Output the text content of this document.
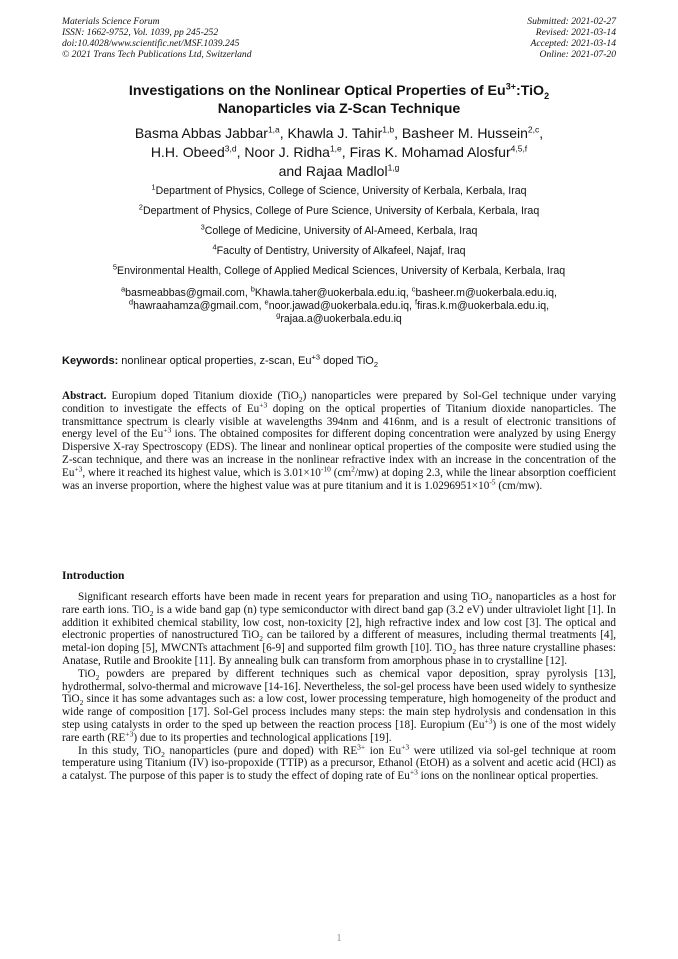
Materials Science Forum
ISSN: 1662-9752, Vol. 1039, pp 245-252
doi:10.4028/www.scientific.net/MSF.1039.245
© 2021 Trans Tech Publications Ltd, Switzerland
Submitted: 2021-02-27
Revised: 2021-03-14
Accepted: 2021-03-14
Online: 2021-07-20
Investigations on the Nonlinear Optical Properties of $Eu^{3+}:TiO_2$
Nanoparticles via Z-Scan Technique
Basma Abbas Jabbar$^{1,a}$, Khawla J. Tahir$^{1,b}$, Basheer M. Hussein$^{2,c}$,
H.H. Obeed$^{3,d}$, Noor J. Ridha$^{1,e}$, Firas K. Mohamad Alosfur$^{4,5,f}$
and Rajaa Madlol$^{1,g}$
$^1$Department of Physics, College of Science, University of Kerbala, Kerbala, Iraq
$^2$Department of Physics, College of Pure Science, University of Kerbala, Kerbala, Iraq
$^3$College of Medicine, University of Al-Ameed, Kerbala, Iraq
$^4$Faculty of Dentistry, University of Alkafeel, Najaf, Iraq
$^5$Environmental Health, College of Applied Medical Sciences, University of Kerbala, Kerbala, Iraq
$^a$basmeabbas@gmail.com, $^b$Khawla.taher@uokerbala.edu.iq, $^c$basheer.m@uokerbala.edu.iq,
$^d$hawraahamza@gmail.com, $^e$noor.jawad@uokerbala.edu.iq, $^f$firas.k.m@uokerbala.edu.iq,
$^g$rajaa.a@uokerbala.edu.iq
Keywords: nonlinear optical properties, z-scan, $Eu^{+3}$ doped TiO$_2$
Abstract. Europium doped Titanium dioxide (TiO$_2$) nanoparticles were prepared by Sol-Gel technique under varying condition to investigate the effects of $Eu^{+3}$ doping on the optical properties of Titanium dioxide nanoparticles. The transmittance spectrum is clearly visible at wavelengths 394nm and 416nm, and is a result of electronic transitions of energy level of the $Eu^{+3}$ ions. The obtained composites for different doping concentration were analyzed by using Energy Dispersive X-ray Spectroscopy (EDS). The linear and nonlinear optical properties of the composite were studied using the Z-scan technique, and there was an increase in the nonlinear refractive index with an increase in the concentration of the $Eu^{+3}$, where it reached its highest value, which is $3.01\times 10^{-10}$ $(cm^2/mw)$ at doping 2.3, while the linear absorption coefficient was an inverse proportion, where the highest value was at pure titanium and it is $1.0296951\times 10^{-5}$ (cm/mw).
Introduction

Significant research efforts have been made in recent years for preparation and using TiO$_2$ nanoparticles as a host for rare earth ions. TiO$_2$ is a wide band gap (n) type semiconductor with direct band gap (3.2 eV) under ultraviolet light [1]. In addition it exhibited chemical stability, low cost, non-toxicity [2], high refractive index and low cost [3]. The optical and electronic properties of nanostructured TiO$_2$ can be tailored by a different of measures, including thermal treatments [4], metal-ion doping [5], MWCNTs attachment [6-9] and supported film growth [10]. TiO$_2$ has three nature crystalline phases: Anatase, Rutile and Brookite [11]. By annealing bulk can transform from amorphous phase in to crystalline [12].

TiO$_2$ powders are prepared by different techniques such as chemical vapor deposition, spray pyrolysis [13], hydrothermal, solvo-thermal and microwave [14-16]. Nevertheless, the sol-gel process have been used widely to synthesize TiO$_2$ since it has some advantages such as: a low cost, lower processing temperature, high homogeneity of the product and wide range of composition [17]. Sol-Gel process includes many steps: the main step hydrolysis and condensation in this step using catalysts in order to the sped up between the reaction process [18]. Europium $(Eu^{+3})$ is one of the most widely rare earth $(RE^{+3})$ due to its properties and technological applications [19].

In this study, TiO$_2$ nanoparticles (pure and doped) with $RE^{3+}$ ion $Eu^{+3}$ were utilized via sol-gel technique at room temperature using Titanium (IV) iso-propoxide (TTIP) as a precursor, Ethanol (EtOH) as a solvent and acetic acid (HCl) as a catalyst. The purpose of this paper is to study the effect of doping rate of $Eu^{+3}$ ions on the nonlinear optical properties.

1
